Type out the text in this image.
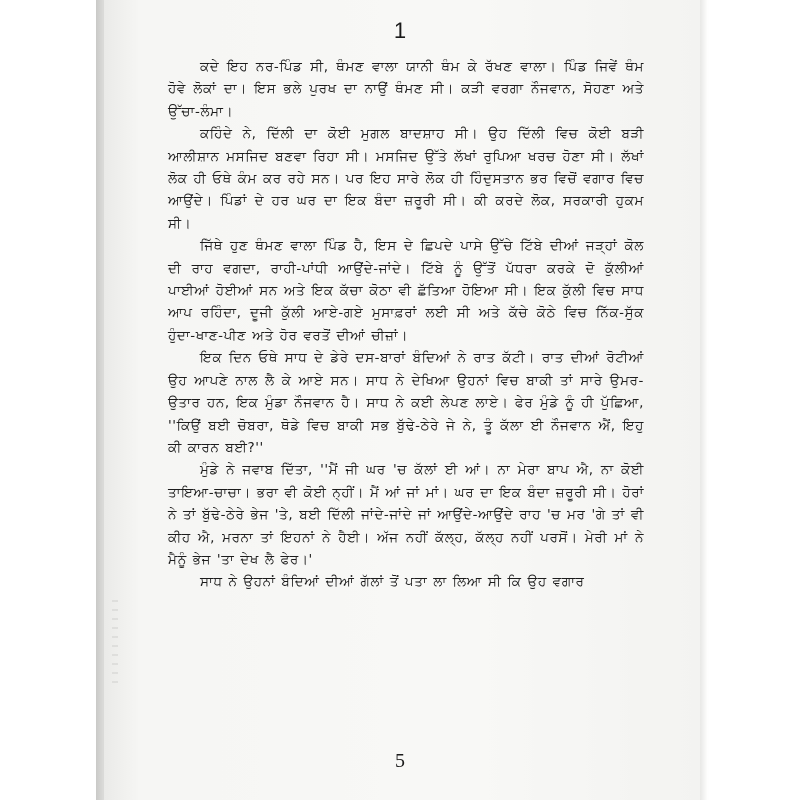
1

ਕਦੇ ਇਹ ਨਰ-ਪਿੰਡ ਸੀ, ਥੰਮਣ ਵਾਲਾ ਯਾਨੀ ਥੰਮ ਕੇ ਰੱਖਣ ਵਾਲਾ। ਪਿੰਡ ਜਿਵੇਂ ਥੰਮ ਹੋਵੇ ਲੋਕਾਂ ਦਾ। ਇਸ ਭਲੇ ਪੁਰਖ ਦਾ ਨਾਉਂ ਥੰਮਣ ਸੀ। ਕੜੀ ਵਰਗਾ ਨੌਜਵਾਨ, ਸੋਹਣਾ ਅਤੇ ਉੱਚਾ-ਲੰਮਾ।

ਕਹਿੰਦੇ ਨੇ, ਦਿੱਲੀ ਦਾ ਕੋਈ ਮੁਗਲ ਬਾਦਸ਼ਾਹ ਸੀ। ਉਹ ਦਿੱਲੀ ਵਿਚ ਕੋਈ ਬੜੀ ਆਲੀਸ਼ਾਨ ਮਸਜਿਦ ਬਣਵਾ ਰਿਹਾ ਸੀ। ਮਸਜਿਦ ਉੱਤੇ ਲੱਖਾਂ ਰੁਪਿਆ ਖਰਚ ਹੋਣਾ ਸੀ। ਲੱਖਾਂ ਲੋਕ ਹੀ ਓਥੇ ਕੰਮ ਕਰ ਰਹੇ ਸਨ। ਪਰ ਇਹ ਸਾਰੇ ਲੋਕ ਹੀ ਹਿੰਦੁਸਤਾਨ ਭਰ ਵਿਚੋਂ ਵਗਾਰ ਵਿਚ ਆਉਂਦੇ। ਪਿੰਡਾਂ ਦੇ ਹਰ ਘਰ ਦਾ ਇਕ ਬੰਦਾ ਜ਼ਰੂਰੀ ਸੀ। ਕੀ ਕਰਦੇ ਲੋਕ, ਸਰਕਾਰੀ ਹੁਕਮ ਸੀ।

ਜਿੱਥੇ ਹੁਣ ਥੰਮਣ ਵਾਲਾ ਪਿੰਡ ਹੈ, ਇਸ ਦੇ ਛਿਪਦੇ ਪਾਸੇ ਉੱਚੇ ਟਿੱਬੇ ਦੀਆਂ ਜੜ੍ਹਾਂ ਕੋਲ ਦੀ ਰਾਹ ਵਗਦਾ, ਰਾਹੀ-ਪਾਂਧੀ ਆਉਂਦੇ-ਜਾਂਦੇ। ਟਿੱਬੇ ਨੂੰ ਉੱਤੋਂ ਪੱਧਰਾ ਕਰਕੇ ਦੋ ਕੁੱਲੀਆਂ ਪਾਈਆਂ ਹੋਈਆਂ ਸਨ ਅਤੇ ਇਕ ਕੱਚਾ ਕੋਠਾ ਵੀ ਛੱਤਿਆ ਹੋਇਆ ਸੀ। ਇਕ ਕੁੱਲੀ ਵਿਚ ਸਾਧ ਆਪ ਰਹਿੰਦਾ, ਦੂਜੀ ਕੁੱਲੀ ਆਏ-ਗਏ ਮੁਸਾਫ਼ਰਾਂ ਲਈ ਸੀ ਅਤੇ ਕੱਚੇ ਕੋਠੇ ਵਿਚ ਨਿੱਕ-ਸੁੱਕ ਹੁੰਦਾ-ਖਾਣ-ਪੀਣ ਅਤੇ ਹੋਰ ਵਰਤੋਂ ਦੀਆਂ ਚੀਜ਼ਾਂ।

ਇਕ ਦਿਨ ਓਥੇ ਸਾਧ ਦੇ ਡੇਰੇ ਦਸ-ਬਾਰਾਂ ਬੰਦਿਆਂ ਨੇ ਰਾਤ ਕੱਟੀ। ਰਾਤ ਦੀਆਂ ਰੋਟੀਆਂ ਉਹ ਆਪਣੇ ਨਾਲ ਲੈ ਕੇ ਆਏ ਸਨ। ਸਾਧ ਨੇ ਦੇਖਿਆ ਉਹਨਾਂ ਵਿਚ ਬਾਕੀ ਤਾਂ ਸਾਰੇ ਉਮਰ-ਉਤਾਰ ਹਨ, ਇਕ ਮੁੰਡਾ ਨੌਜਵਾਨ ਹੈ। ਸਾਧ ਨੇ ਕਈ ਲੇਪਣ ਲਾਏ। ਫੇਰ ਮੁੰਡੇ ਨੂੰ ਹੀ ਪੁੱਛਿਆ, ''ਕਿਉਂ ਬਈ ਚੋਬਰਾ, ਥੋਡੇ ਵਿਚ ਬਾਕੀ ਸਭ ਬੁੱਢੇ-ਠੇਰੇ ਜੇ ਨੇ, ਤੂੰ ਕੱਲਾ ਈ ਨੌਜਵਾਨ ਐਂ, ਇਹੁ ਕੀ ਕਾਰਨ ਬਈ?''

ਮੁੰਡੇ ਨੇ ਜਵਾਬ ਦਿੱਤਾ, ''ਮੈਂ ਜੀ ਘਰ 'ਚ ਕੱਲਾਂ ਈ ਆਂ। ਨਾ ਮੇਰਾ ਬਾਪ ਐ, ਨਾ ਕੋਈ ਤਾਇਆ-ਚਾਚਾ। ਭਰਾ ਵੀ ਕੋਈ ਨ੍ਹੀਂ। ਮੈਂ ਆਂ ਜਾਂ ਮਾਂ। ਘਰ ਦਾ ਇਕ ਬੰਦਾ ਜ਼ਰੂਰੀ ਸੀ। ਹੋਰਾਂ ਨੇ ਤਾਂ ਬੁੱਢੇ-ਠੇਰੇ ਭੇਜ 'ਤੇ, ਬਈ ਦਿੱਲੀ ਜਾਂਦੇ-ਜਾਂਦੇ ਜਾਂ ਆਉਂਦੇ-ਆਉਂਦੇ ਰਾਹ 'ਚ ਮਰ 'ਗੇ ਤਾਂ ਵੀ ਕੀਹ ਐ, ਮਰਨਾ ਤਾਂ ਇਹਨਾਂ ਨੇ ਹੈਈ। ਅੱਜ ਨਹੀਂ ਕੱਲ੍ਹ, ਕੱਲ੍ਹ ਨਹੀਂ ਪਰਸੋਂ। ਮੇਰੀ ਮਾਂ ਨੇ ਮੈਨੂੰ ਭੇਜ 'ਤਾ ਦੇਖ ਲੈ ਫੇਰ।'

ਸਾਧ ਨੇ ਉਹਨਾਂ ਬੰਦਿਆਂ ਦੀਆਂ ਗੱਲਾਂ ਤੋਂ ਪਤਾ ਲਾ ਲਿਆ ਸੀ ਕਿ ਉਹ ਵਗਾਰ

5
